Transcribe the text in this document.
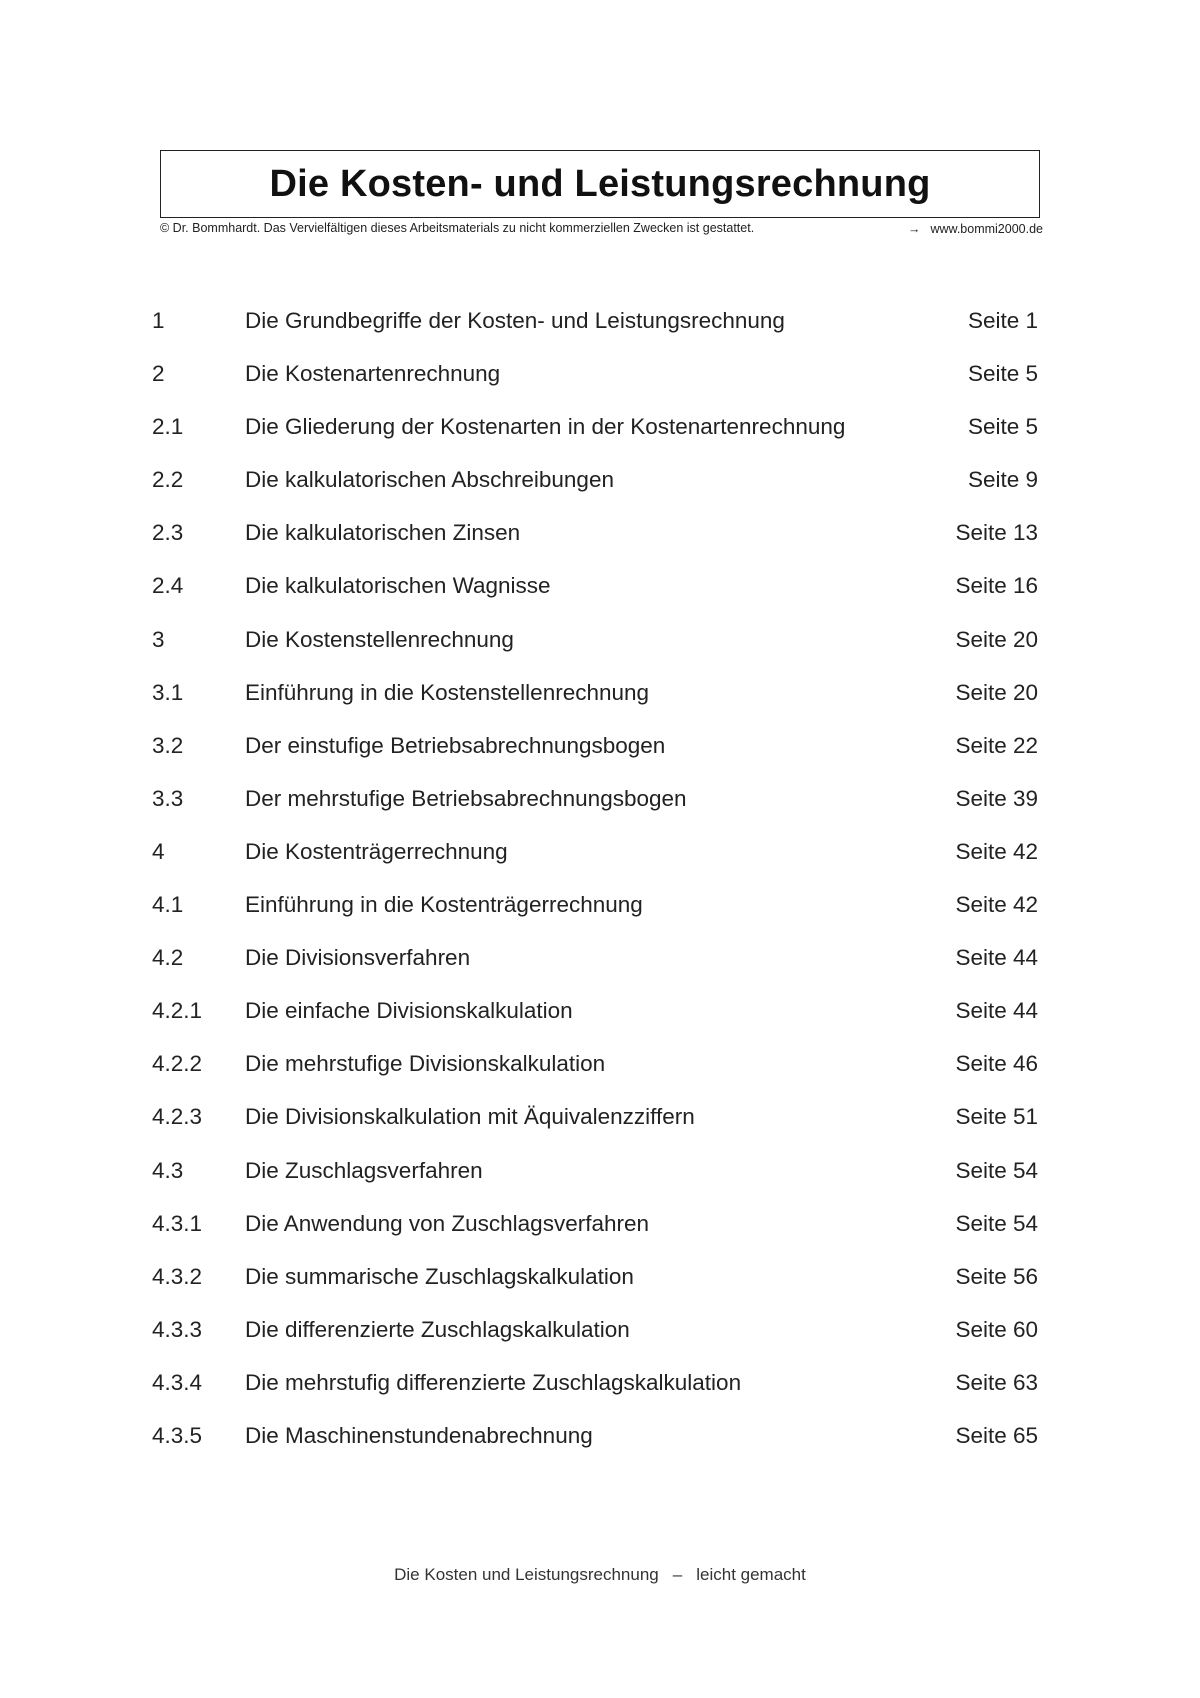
Die Kosten- und Leistungsrechnung
© Dr. Bommhardt. Das Vervielfältigen dieses Arbeitsmaterials zu nicht kommerziellen Zwecken ist gestattet.	→ www.bommi2000.de
1	Die Grundbegriffe der Kosten- und Leistungsrechnung	Seite 1
2	Die Kostenartenrechnung	Seite 5
2.1	Die Gliederung der Kostenarten in der Kostenartenrechnung	Seite 5
2.2	Die kalkulatorischen Abschreibungen	Seite 9
2.3	Die kalkulatorischen Zinsen	Seite 13
2.4	Die kalkulatorischen Wagnisse	Seite 16
3	Die Kostenstellenrechnung	Seite 20
3.1	Einführung in die Kostenstellenrechnung	Seite 20
3.2	Der einstufige Betriebsabrechnungsbogen	Seite 22
3.3	Der mehrstufige Betriebsabrechnungsbogen	Seite 39
4	Die Kostenträgerrechnung	Seite 42
4.1	Einführung in die Kostenträgerrechnung	Seite 42
4.2	Die Divisionsverfahren	Seite 44
4.2.1 Die einfache Divisionskalkulation	Seite 44
4.2.2 Die mehrstufige Divisionskalkulation	Seite 46
4.2.3 Die Divisionskalkulation mit Äquivalenzziffern	Seite 51
4.3	Die Zuschlagsverfahren	Seite 54
4.3.1 Die Anwendung von Zuschlagsverfahren	Seite 54
4.3.2 Die summarische Zuschlagskalkulation	Seite 56
4.3.3 Die differenzierte Zuschlagskalkulation	Seite 60
4.3.4 Die mehrstufig differenzierte Zuschlagskalkulation	Seite 63
4.3.5 Die Maschinenstundenabrechnung	Seite 65
Die Kosten und Leistungsrechnung – leicht gemacht
